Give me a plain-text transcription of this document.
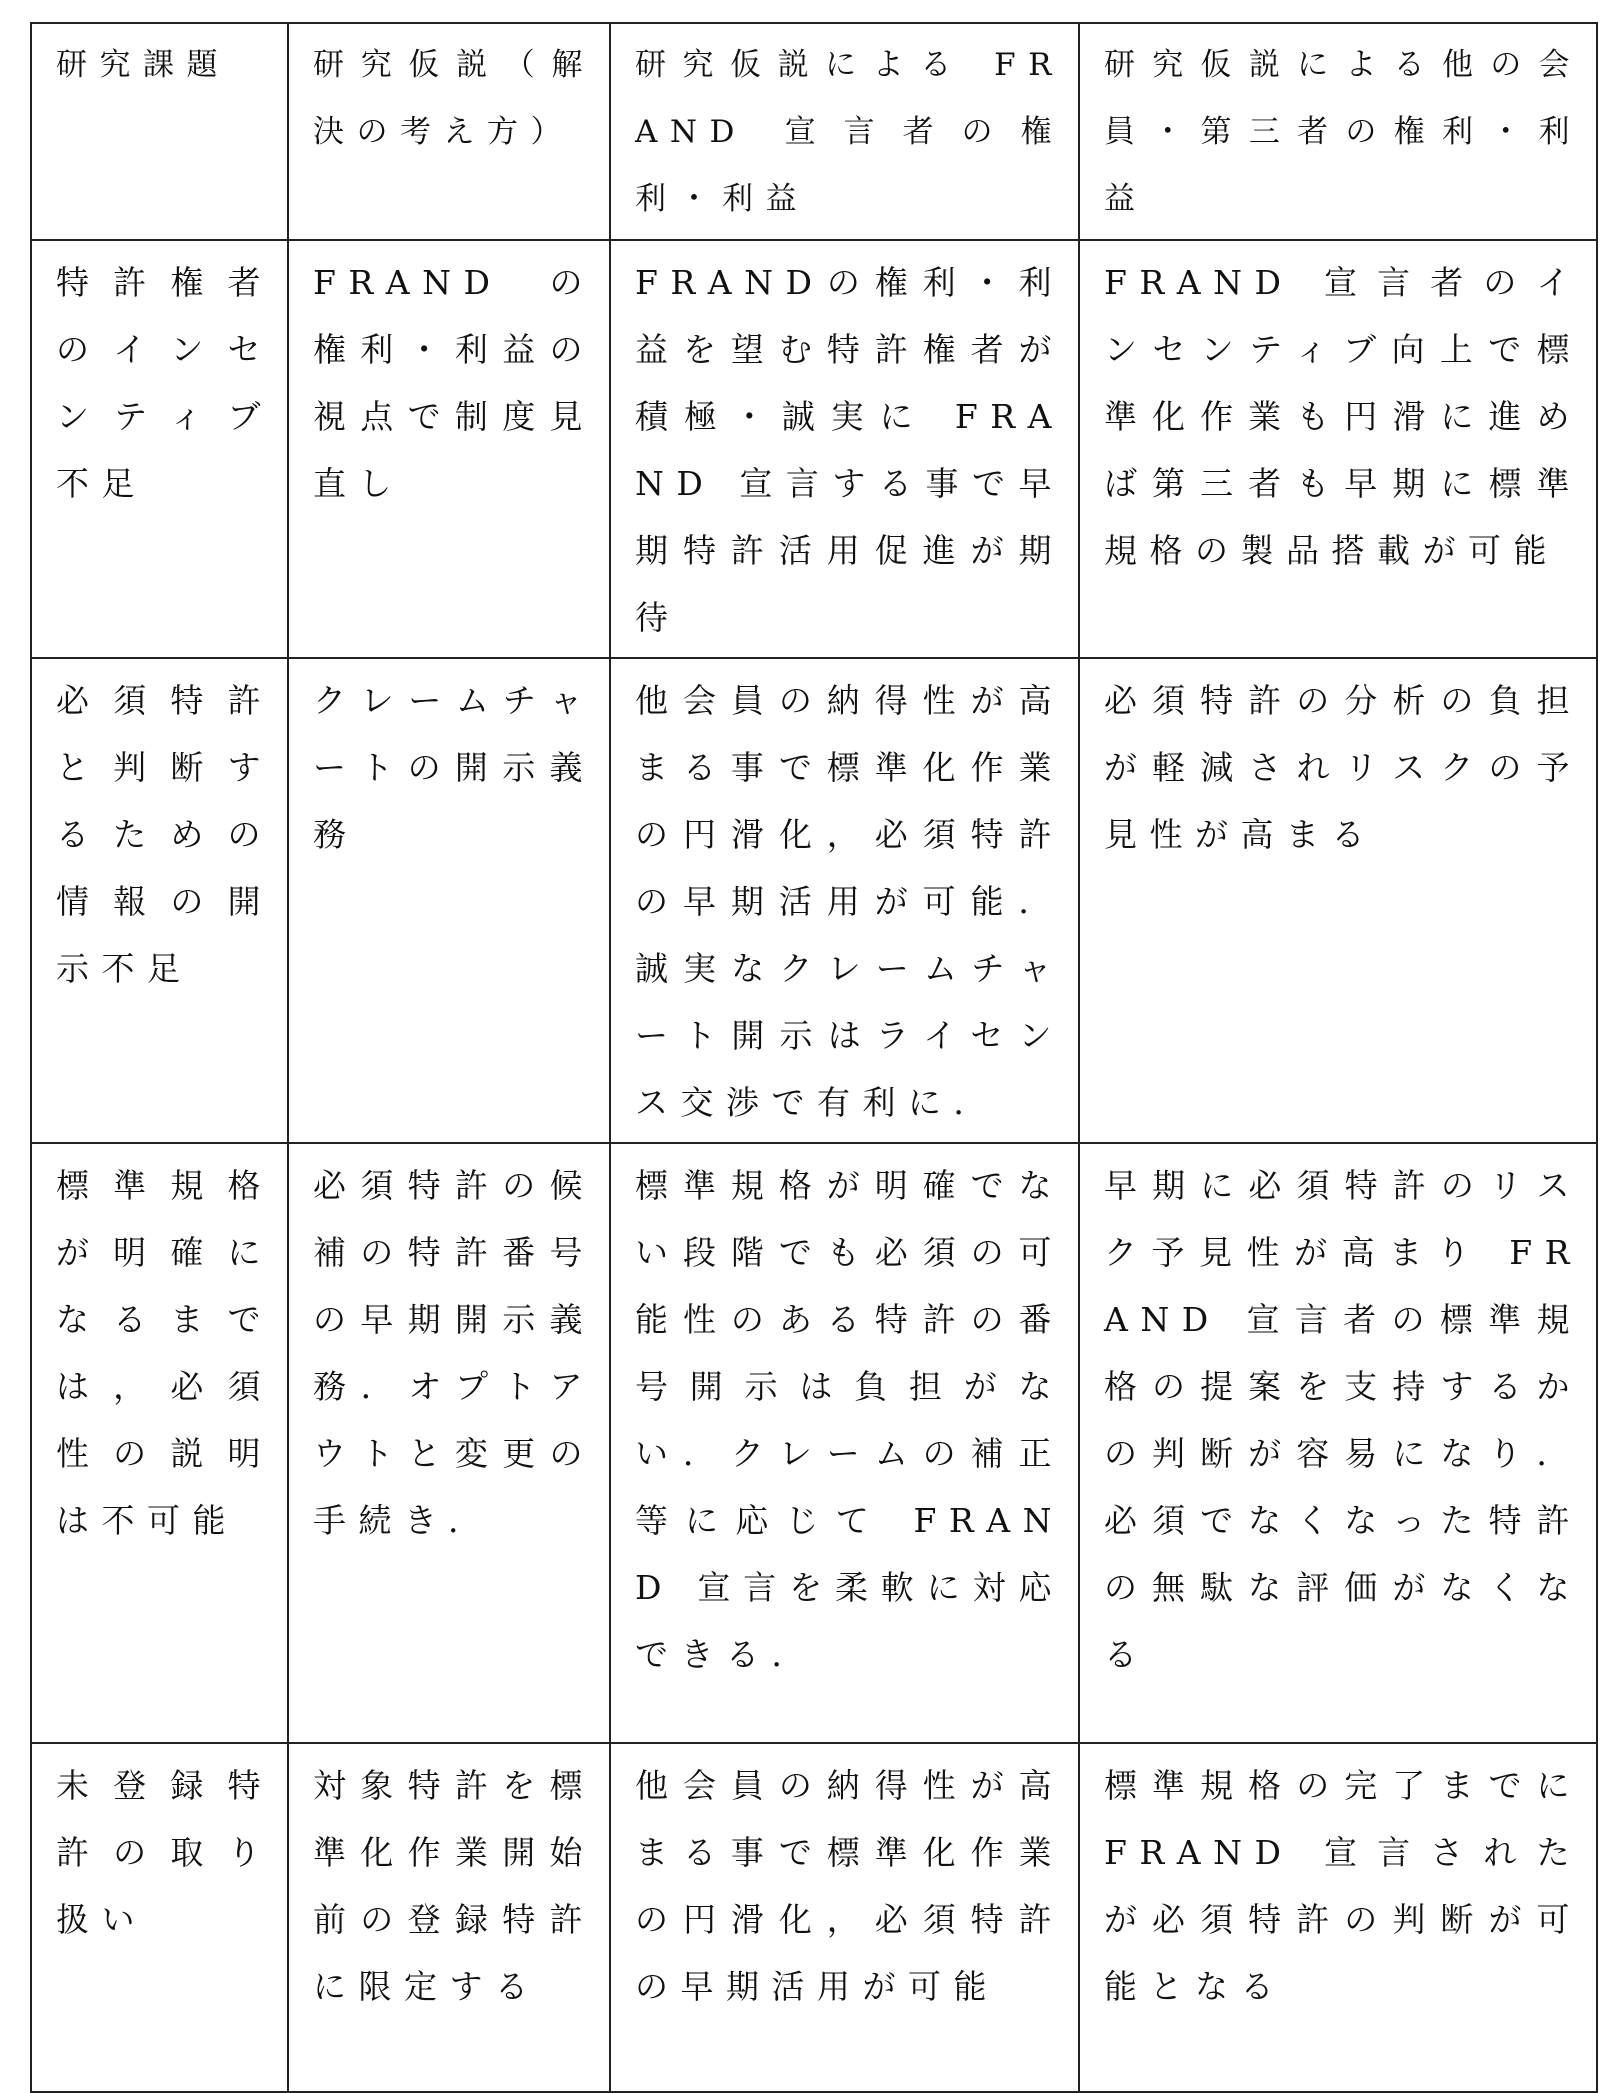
研究課題	研究仮説（解決の考え方）	研究仮説による FRAND 宣言者の権利・利益	研究仮説による他の会員・第三者の権利・利益
特許権者のインセンティブ不足	FRAND の権利・利益の視点で制度見直し	FRANDの権利・利益を望む特許権者が積極・誠実に FRAND 宣言する事で早期特許活用促進が期待	FRAND 宣言者のインセンティブ向上で標準化作業も円滑に進めば第三者も早期に標準規格の製品搭載が可能
必須特許と判断するための情報の開示不足	クレームチャートの開示義務	他会員の納得性が高まる事で標準化作業の円滑化，必須特許の早期活用が可能．誠実なクレームチャート開示はライセンス交渉で有利に．	必須特許の分析の負担が軽減されリスクの予見性が高まる
標準規格が明確になるまでは，必須性の説明は不可能	必須特許の候補の特許番号の早期開示義務．オプトアウトと変更の手続き．	標準規格が明確でない段階でも必須の可能性のある特許の番号開示は負担がない．クレームの補正等に応じて FRAND 宣言を柔軟に対応できる．	早期に必須特許のリスク予見性が高まり FRAND 宣言者の標準規格の提案を支持するかの判断が容易になり．必須でなくなった特許の無駄な評価がなくなる
未登録特許の取り扱い	対象特許を標準化作業開始前の登録特許に限定する	他会員の納得性が高まる事で標準化作業の円滑化，必須特許の早期活用が可能	標準規格の完了までに FRAND 宣言されたが必須特許の判断が可能となる
